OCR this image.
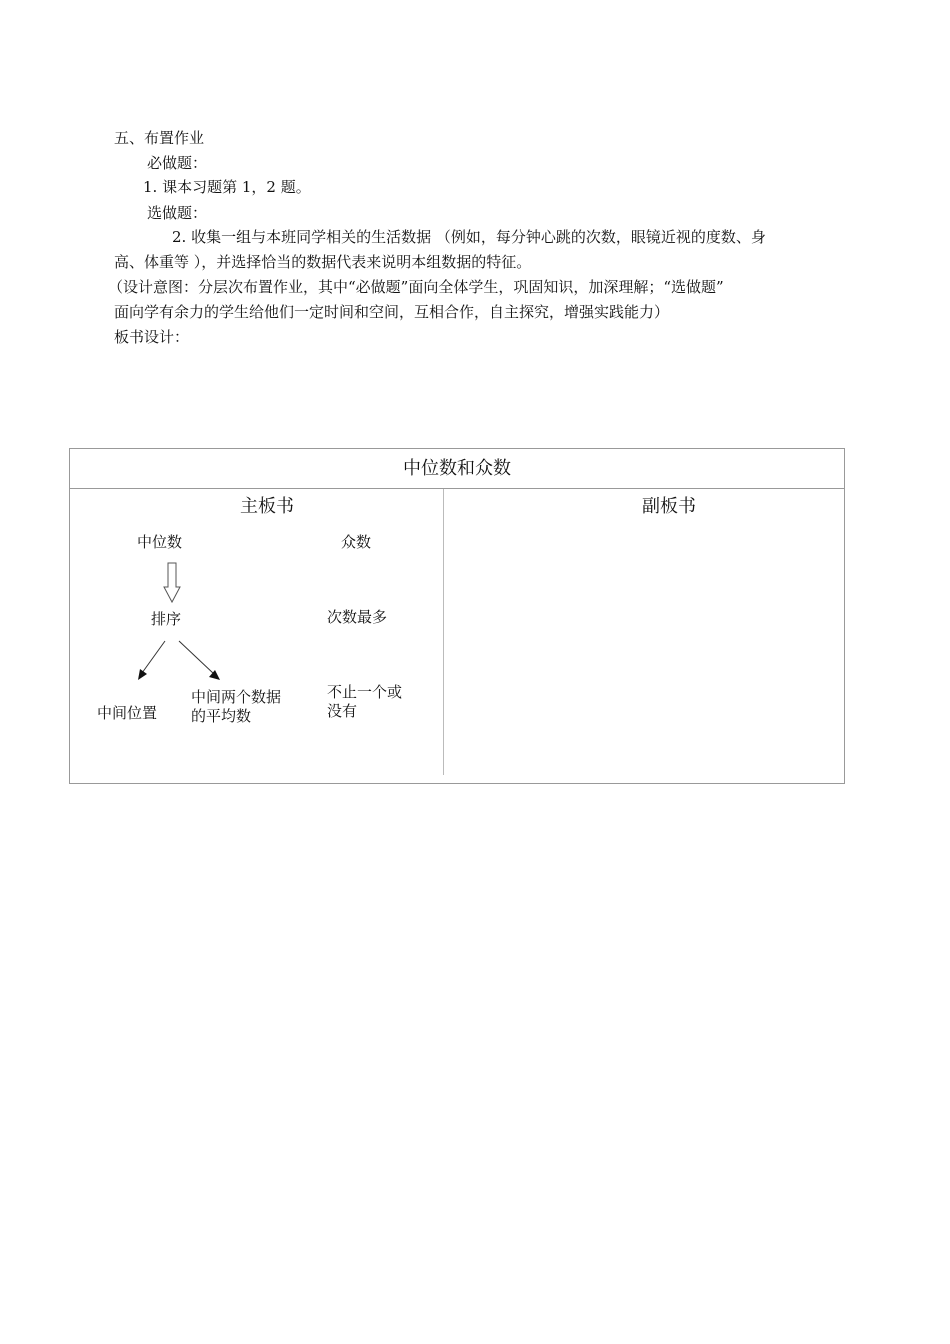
五、布置作业
必做题：
1. 课本习题第 1，2 题。
选做题：
2. 收集一组与本班同学相关的生活数据 （例如，每分钟心跳的次数，眼镜近视的度数、身
高、体重等 ），并选择恰当的数据代表来说明本组数据的特征。
（设计意图：分层次布置作业，其中“必做题”面向全体学生，巩固知识，加深理解；“选做题”
面向学有余力的学生给他们一定时间和空间，互相合作，自主探究，增强实践能力）
板书设计：
中位数和众数
主板书	副板书
中位数
排序
中间位置
中间两个数据
的平均数
众数
次数最多
不止一个或
没有
